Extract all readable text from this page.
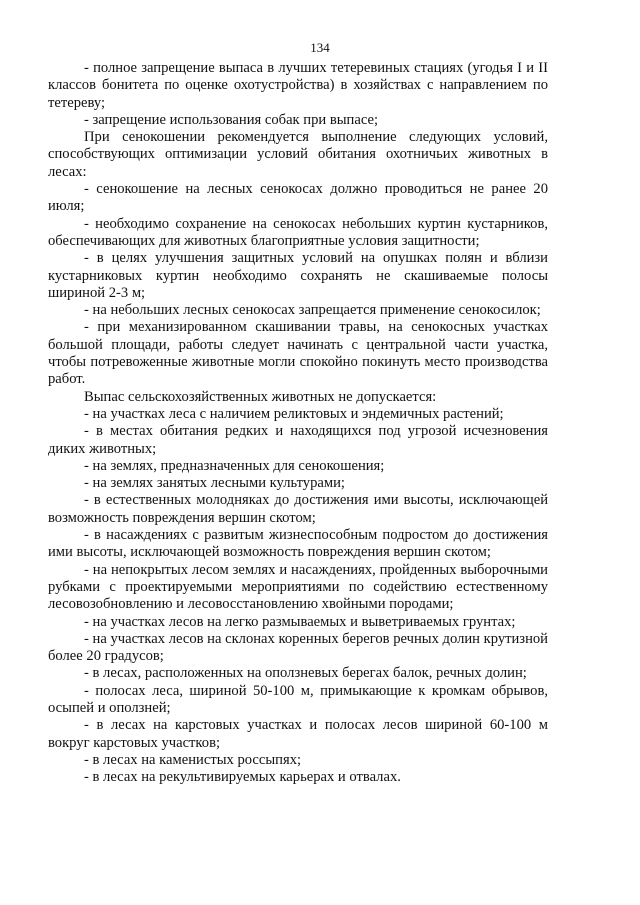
134

- полное запрещение выпаса в лучших тетеревиных стациях (угодья I и II классов бонитета по оценке охотустройства) в хозяйствах с направлением по тетереву;

- запрещение использования собак при выпасе;

При сенокошении рекомендуется выполнение следующих условий, способствующих оптимизации условий обитания охотничьих животных в лесах:

- сенокошение на лесных сенокосах должно проводиться не ранее 20 июля;

- необходимо сохранение на сенокосах небольших куртин кустарников, обеспечивающих для животных благоприятные условия защитности;

- в целях улучшения защитных условий на опушках полян и вблизи кустарниковых куртин необходимо сохранять не скашиваемые полосы шириной 2-3 м;

- на небольших лесных сенокосах запрещается применение сенокосилок;

- при механизированном скашивании травы, на сенокосных участках большой площади, работы следует начинать с центральной части участка, чтобы потревоженные животные могли спокойно покинуть место производства работ.

Выпас сельскохозяйственных животных не допускается:

- на участках леса с наличием реликтовых и эндемичных растений;

- в местах обитания редких и находящихся под угрозой исчезновения диких животных;

- на землях, предназначенных для сенокошения;

- на землях занятых лесными культурами;

- в естественных молодняках до достижения ими высоты, исключающей возможность повреждения вершин скотом;

- в насаждениях с развитым жизнеспособным подростом до достижения ими высоты, исключающей возможность повреждения вершин скотом;

- на непокрытых лесом землях и насаждениях, пройденных выборочными рубками с проектируемыми мероприятиями по содействию естественному лесовозобновлению и лесовосстановлению хвойными породами;

- на участках лесов на легко размываемых и выветриваемых грунтах;

- на участках лесов на склонах коренных берегов речных долин крутизной более 20 градусов;

- в лесах, расположенных на оползневых берегах балок, речных долин;

- полосах леса, шириной 50-100 м, примыкающие к кромкам обрывов, осыпей и оползней;

- в лесах на карстовых участках и полосах лесов шириной 60-100 м вокруг карстовых участков;

- в лесах на каменистых россыпях;

- в лесах на рекультивируемых карьерах и отвалах.
